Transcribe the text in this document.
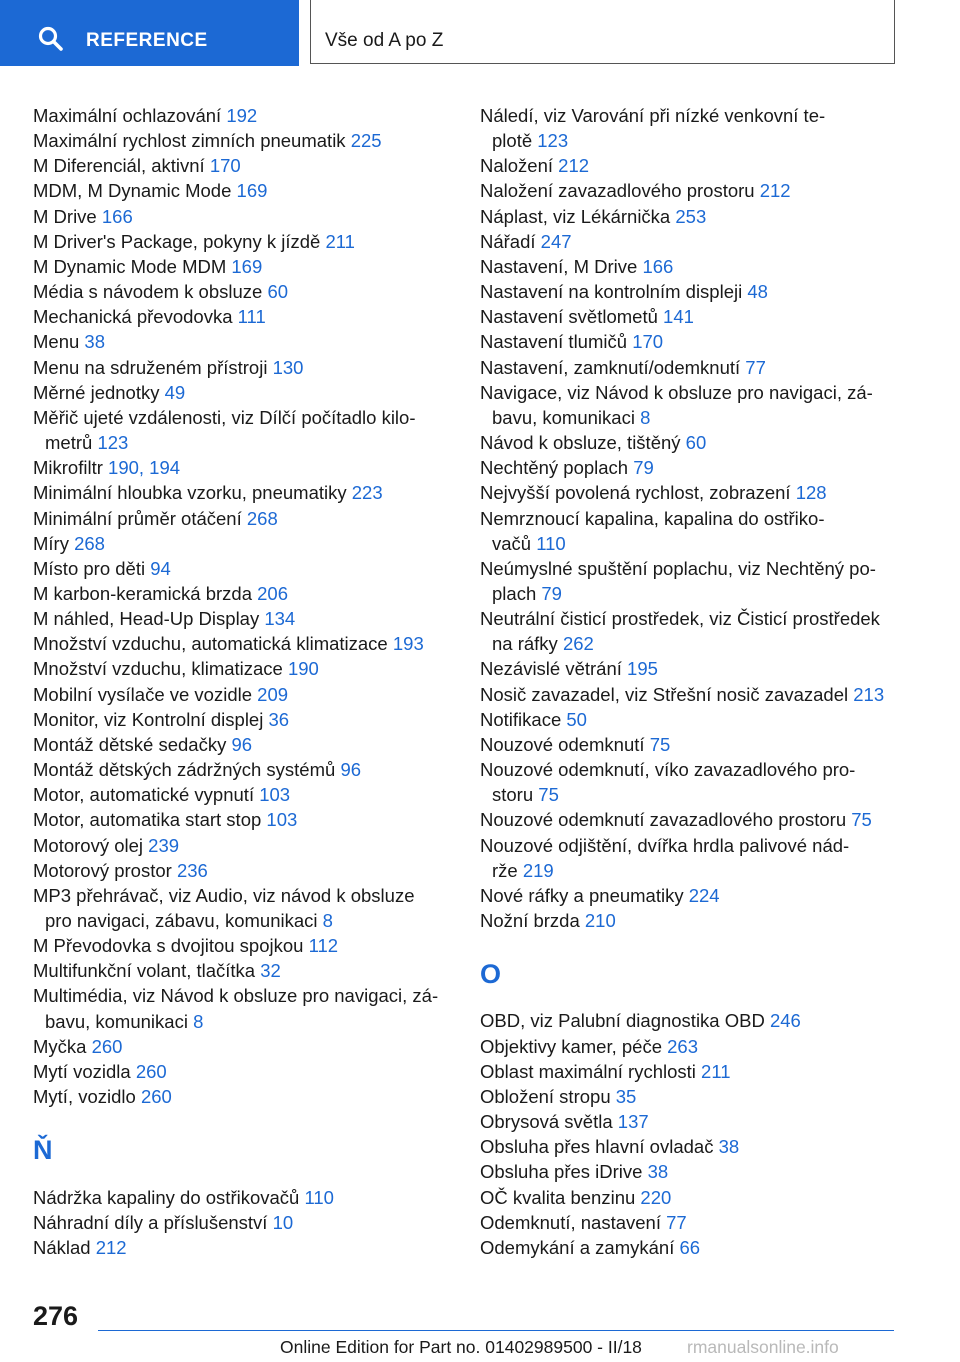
REFERENCE	Vše od A po Z
Maximální ochlazování 192
Maximální rychlost zimních pneumatik 225
M Diferenciál, aktivní 170
MDM, M Dynamic Mode 169
M Drive 166
M Driver's Package, pokyny k jízdě 211
M Dynamic Mode MDM 169
Média s návodem k obsluze 60
Mechanická převodovka 111
Menu 38
Menu na sdruženém přístroji 130
Měrné jednotky 49
Měřič ujeté vzdálenosti, viz Dílčí počítadlo kilo-
metrů 123
Mikrofiltr 190, 194
Minimální hloubka vzorku, pneumatiky 223
Minimální průměr otáčení 268
Míry 268
Místo pro děti 94
M karbon-keramická brzda 206
M náhled, Head-Up Display 134
Množství vzduchu, automatická klimatizace 193
Množství vzduchu, klimatizace 190
Mobilní vysílače ve vozidle 209
Monitor, viz Kontrolní displej 36
Montáž dětské sedačky 96
Montáž dětských zádržných systémů 96
Motor, automatické vypnutí 103
Motor, automatika start stop 103
Motorový olej 239
Motorový prostor 236
MP3 přehrávač, viz Audio, viz návod k obsluze
pro navigaci, zábavu, komunikaci 8
M Převodovka s dvojitou spojkou 112
Multifunkční volant, tlačítka 32
Multimédia, viz Návod k obsluze pro navigaci, zá-
bavu, komunikaci 8
Myčka 260
Mytí vozidla 260
Mytí, vozidlo 260
Ň
Nádržka kapaliny do ostřikovačů 110
Náhradní díly a příslušenství 10
Náklad 212
Náledí, viz Varování při nízké venkovní te-
plotě 123
Naložení 212
Naložení zavazadlového prostoru 212
Náplast, viz Lékárnička 253
Nářadí 247
Nastavení, M Drive 166
Nastavení na kontrolním displeji 48
Nastavení světlometů 141
Nastavení tlumičů 170
Nastavení, zamknutí/odemknutí 77
Navigace, viz Návod k obsluze pro navigaci, zá-
bavu, komunikaci 8
Návod k obsluze, tištěný 60
Nechtěný poplach 79
Nejvyšší povolená rychlost, zobrazení 128
Nemrznoucí kapalina, kapalina do ostřiko-
vačů 110
Neúmyslné spuštění poplachu, viz Nechtěný po-
plach 79
Neutrální čisticí prostředek, viz Čisticí prostředek
na ráfky 262
Nezávislé větrání 195
Nosič zavazadel, viz Střešní nosič zavazadel 213
Notifikace 50
Nouzové odemknutí 75
Nouzové odemknutí, víko zavazadlového pro-
storu 75
Nouzové odemknutí zavazadlového prostoru 75
Nouzové odjištění, dvířka hrdla palivové nád-
rže 219
Nové ráfky a pneumatiky 224
Nožní brzda 210
O
OBD, viz Palubní diagnostika OBD 246
Objektivy kamer, péče 263
Oblast maximální rychlosti 211
Obložení stropu 35
Obrysová světla 137
Obsluha přes hlavní ovladač 38
Obsluha přes iDrive 38
OČ kvalita benzinu 220
Odemknutí, nastavení 77
Odemykání a zamykání 66
276
Online Edition for Part no. 01402989500 - II/18	rmanualsonline.info
